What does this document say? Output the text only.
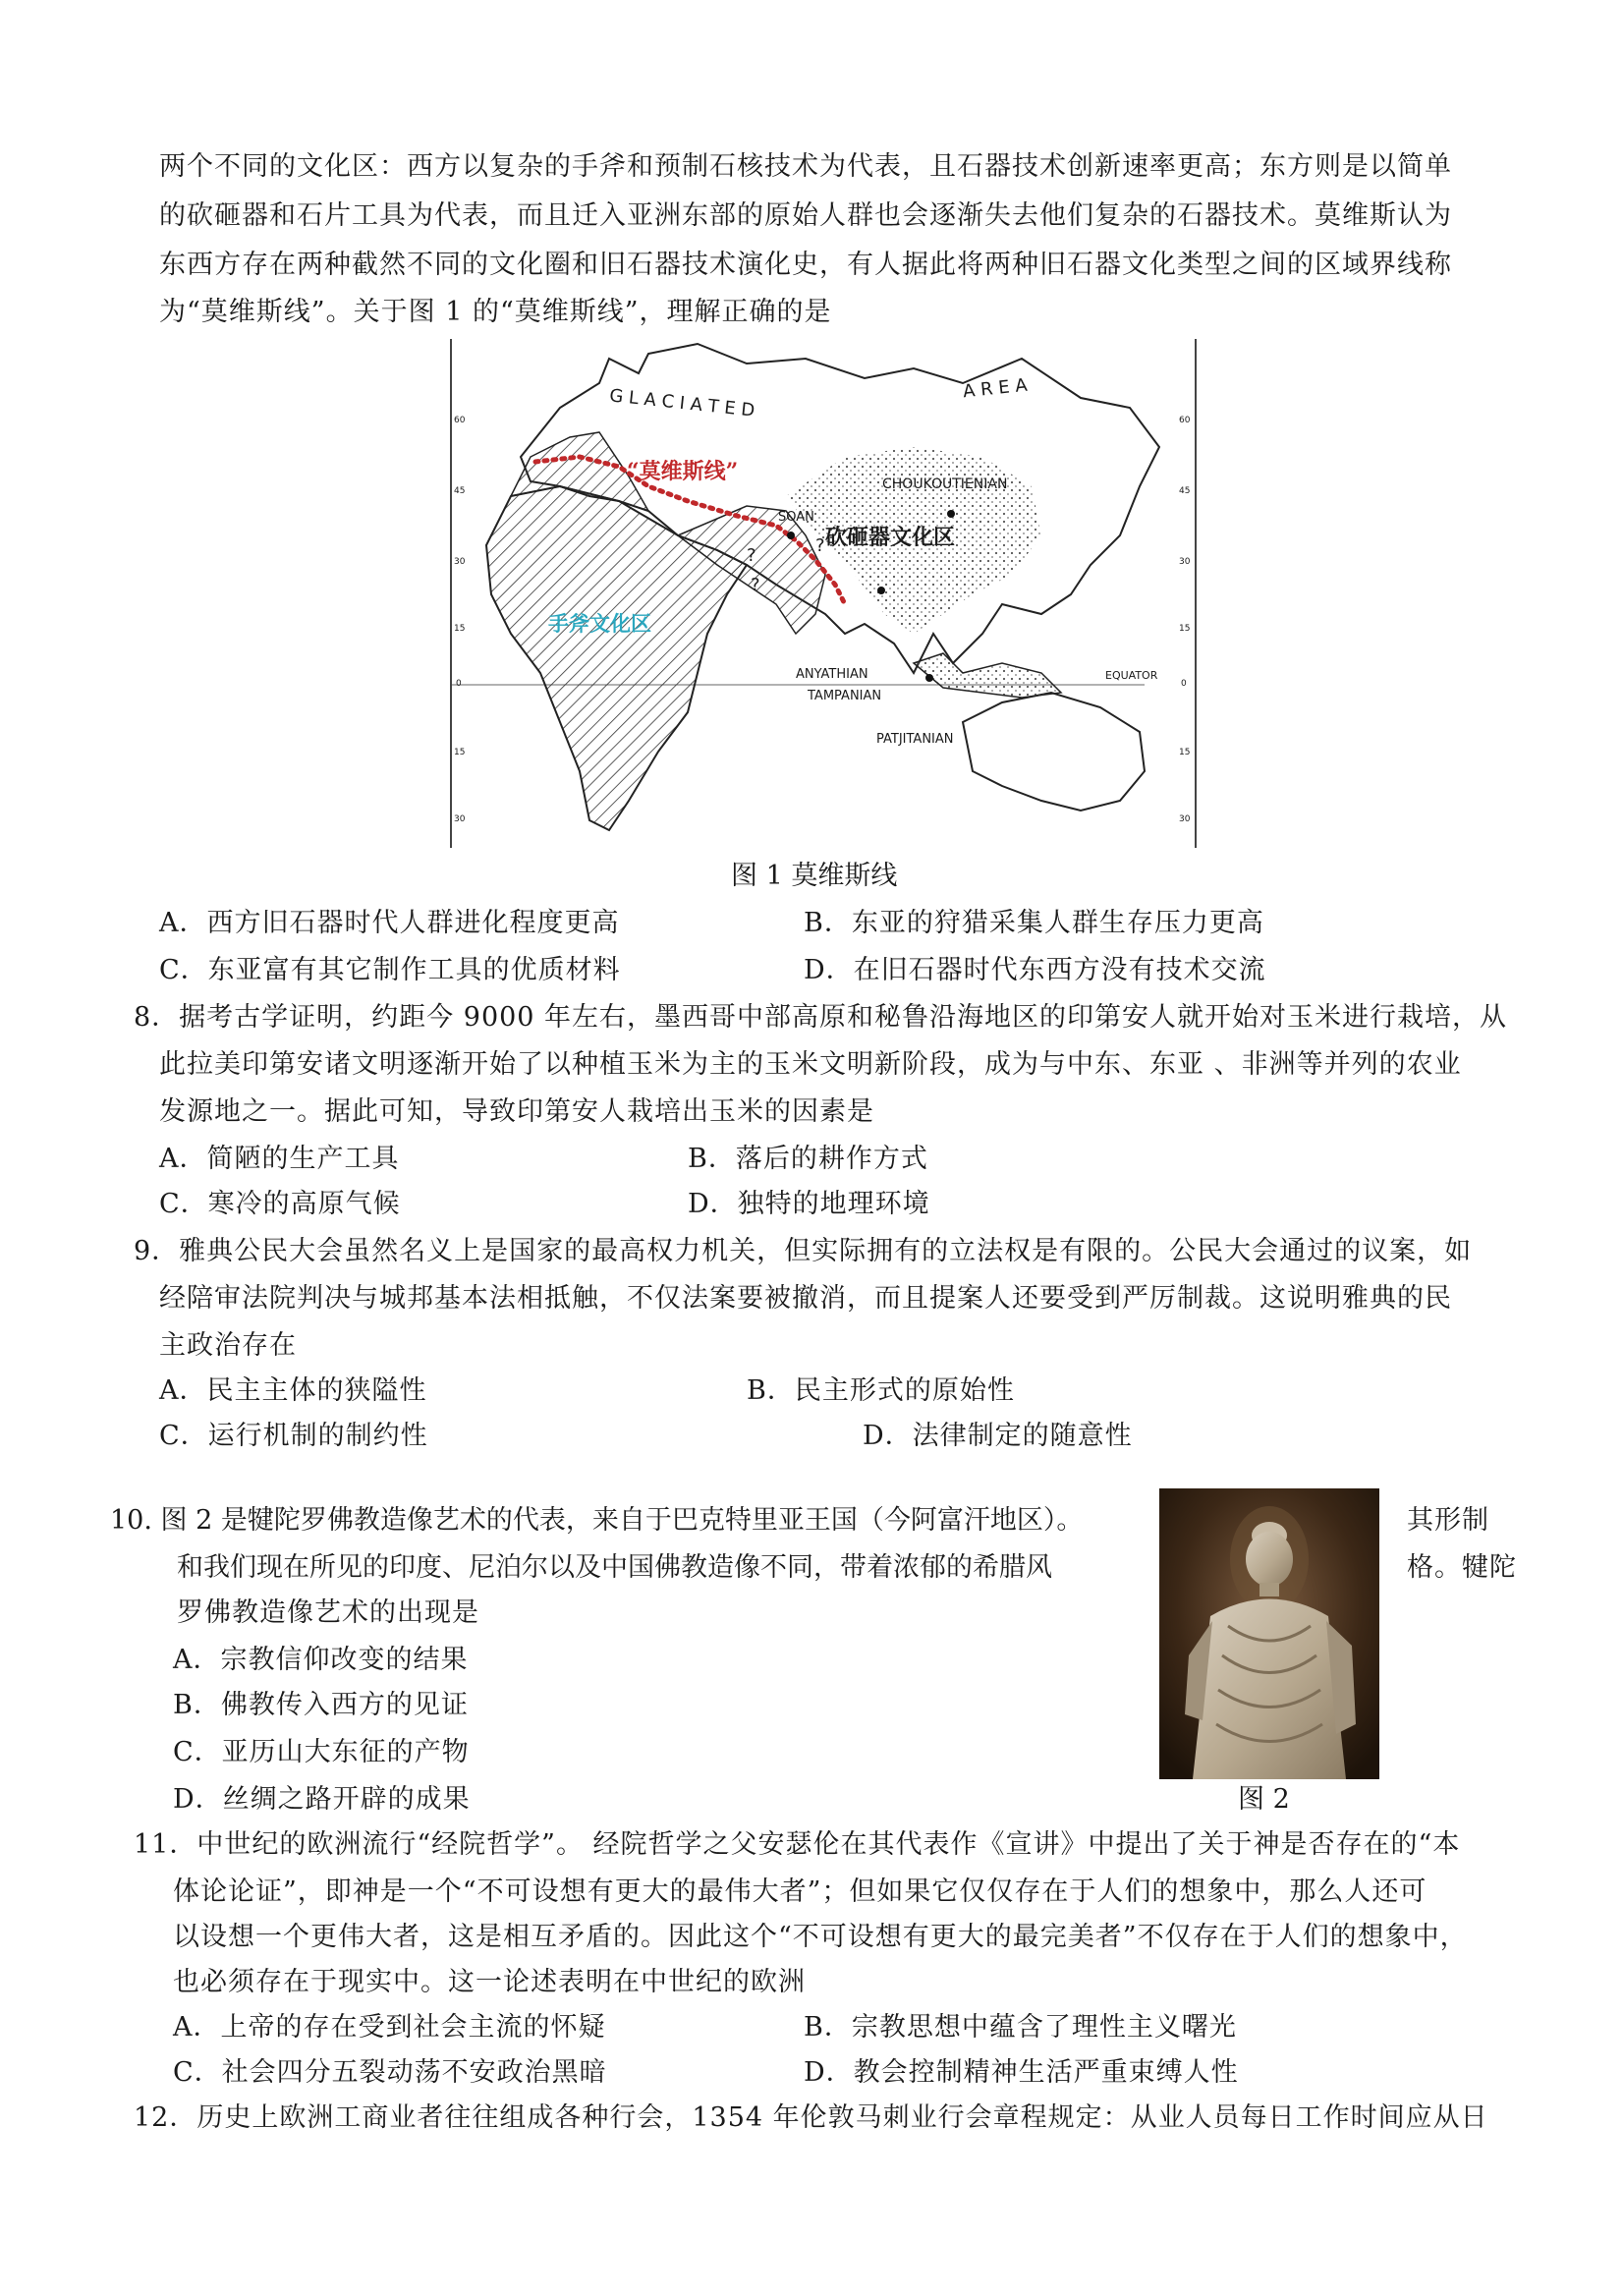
两个不同的文化区：西方以复杂的手斧和预制石核技术为代表，且石器技术创新速率更高；东方则是以简单
的砍砸器和石片工具为代表，而且迁入亚洲东部的原始人群也会逐渐失去他们复杂的石器技术。莫维斯认为
东西方存在两种截然不同的文化圈和旧石器技术演化史，有人据此将两种旧石器文化类型之间的区域界线称
为“莫维斯线”。关于图 1 的“莫维斯线”，理解正确的是
G L A C I A T E D	A R E A
“莫维斯线”	CHOUKOUTIENIAN
SOAN
砍砸器文化区
手斧文化区
ANYATHIAN
TAMPANIAN
PATJITANIAN
EQUATOR
?
?
?
60
45
30
15
0
15
30
60
45
30
15
0
15
30
图 1 莫维斯线
A．西方旧石器时代人群进化程度更高	B．东亚的狩猎采集人群生存压力更高
C．东亚富有其它制作工具的优质材料	D．在旧石器时代东西方没有技术交流
8．据考古学证明，约距今 9000 年左右，墨西哥中部高原和秘鲁沿海地区的印第安人就开始对玉米进行栽培，从
此拉美印第安诸文明逐渐开始了以种植玉米为主的玉米文明新阶段，成为与中东、东亚 、非洲等并列的农业
发源地之一。据此可知，导致印第安人栽培出玉米的因素是
A．简陋的生产工具	B．落后的耕作方式
C．寒冷的高原气候	D．独特的地理环境
9．雅典公民大会虽然名义上是国家的最高权力机关，但实际拥有的立法权是有限的。公民大会通过的议案，如
经陪审法院判决与城邦基本法相抵触，不仅法案要被撤消，而且提案人还要受到严厉制裁。这说明雅典的民
主政治存在
A．民主主体的狭隘性	B．民主形式的原始性
C．运行机制的制约性	D．法律制定的随意性
10. 图 2 是犍陀罗佛教造像艺术的代表，来自于巴克特里亚王国（今阿富汗地区）。	其形制
和我们现在所见的印度、尼泊尔以及中国佛教造像不同，带着浓郁的希腊风	格。犍陀
罗佛教造像艺术的出现是
A．宗教信仰改变的结果
B．佛教传入西方的见证
C．亚历山大东征的产物
D．丝绸之路开辟的成果	图 2
11．中世纪的欧洲流行“经院哲学”。 经院哲学之父安瑟伦在其代表作《宣讲》中提出了关于神是否存在的“本
体论论证”，即神是一个“不可设想有更大的最伟大者”；但如果它仅仅存在于人们的想象中，那么人还可
以设想一个更伟大者，这是相互矛盾的。因此这个“不可设想有更大的最完美者”不仅存在于人们的想象中，
也必须存在于现实中。这一论述表明在中世纪的欧洲
A．上帝的存在受到社会主流的怀疑	B．宗教思想中蕴含了理性主义曙光
C．社会四分五裂动荡不安政治黑暗	D．教会控制精神生活严重束缚人性
12．历史上欧洲工商业者往往组成各种行会，1354 年伦敦马刺业行会章程规定：从业人员每日工作时间应从日
